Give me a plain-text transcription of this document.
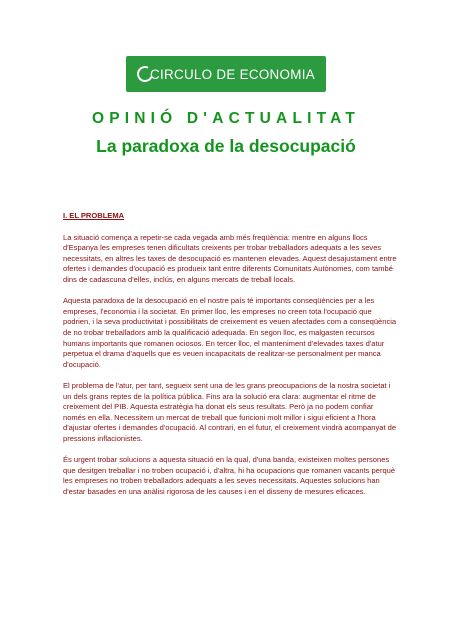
CIRCULO DE ECONOMIA
OPINIÓ D'ACTUALITAT
La paradoxa de la desocupació

I. EL PROBLEMA

La situació comença a repetir-se cada vegada amb més freqüència: mentre en alguns llocs d'Espanya les empreses tenen dificultats creixents per trobar treballadors adequats a les seves necessitats, en altres les taxes de desocupació es mantenen elevades. Aquest desajustament entre ofertes i demandes d'ocupació es produeix tant entre diferents Comunitats Autònomes, com també dins de cadascuna d'elles, inclús, en alguns mercats de treball locals.

Aquesta paradoxa de la desocupació en el nostre país té importants conseqüències per a les empreses, l'economia i la societat. En primer lloc, les empreses no creen tota l'ocupació que podrien, i la seva productivitat i possibilitats de creixement es veuen afectades com a conseqüència de no trobar treballadors amb la qualificació adequada. En segon lloc, es malgasten recursos humans importants que romanen ociosos. En tercer lloc, el manteniment d'elevades taxes d'atur perpetua el drama d'aquells que es veuen incapacitats de realitzar-se personalment per manca d'ocupació.

El problema de l'atur, per tant, segueix sent una de les grans preocupacions de la nostra societat i un dels grans reptes de la política pública. Fins ara la solució era clara: augmentar el ritme de creixement del PIB. Aquesta estratègia ha donat els seus resultats. Però ja no podem confiar només en ella. Necessitem un mercat de treball que funcioni molt millor i sigui eficient a l'hora d'ajustar ofertes i demandes d'ocupació. Al contrari, en el futur, el creixement vindrà acompanyat de pressions inflacionistes.

És urgent trobar solucions a aquesta situació en la qual, d'una banda, existeixen moltes persones que desitgen treballar i no troben ocupació i, d'altra, hi ha ocupacions que romanen vacants perquè les empreses no troben treballadors adequats a les seves necessitats. Aquestes solucions han d'estar basades en una anàlisi rigorosa de les causes i en el disseny de mesures eficaces.
